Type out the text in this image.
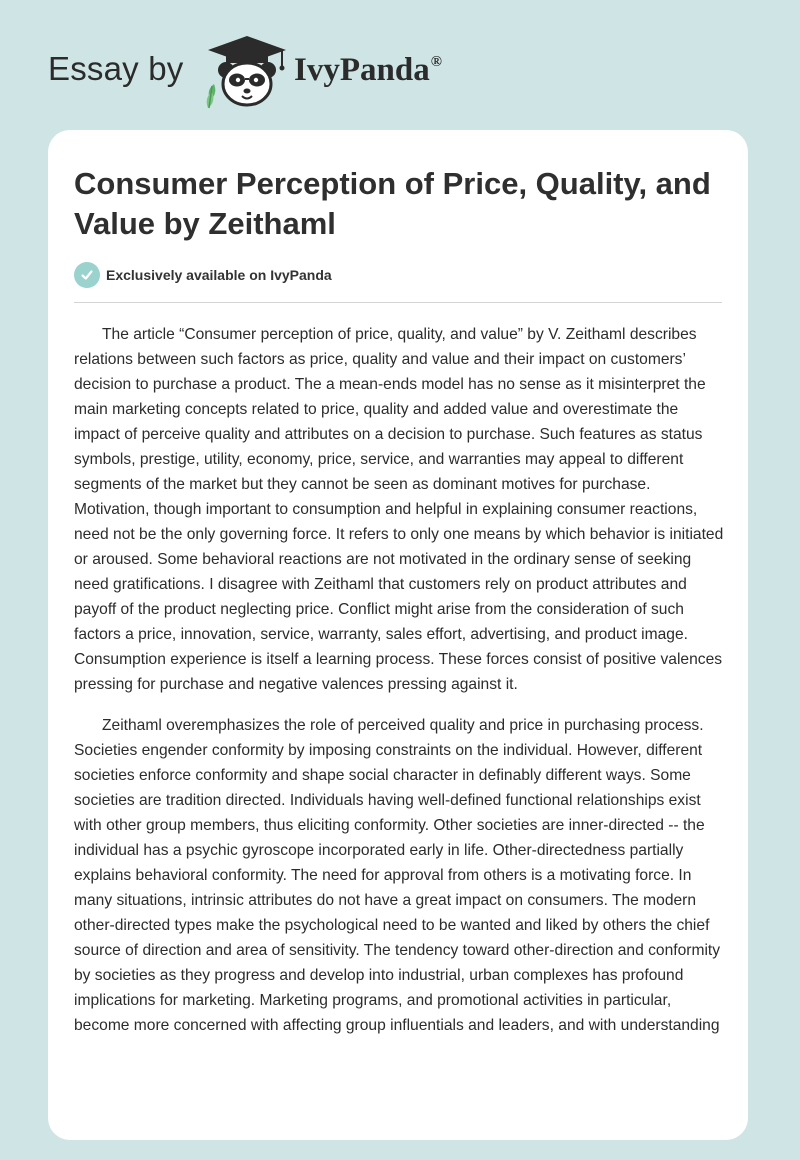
Essay by	IvyPanda®
Consumer Perception of Price, Quality, and Value by Zeithaml
Exclusively available on IvyPanda

The article “Consumer perception of price, quality, and value” by V. Zeithaml describes relations between such factors as price, quality and value and their impact on customers’ decision to purchase a product. The a mean-ends model has no sense as it misinterpret the main marketing concepts related to price, quality and added value and overestimate the impact of perceive quality and attributes on a decision to purchase. Such features as status symbols, prestige, utility, economy, price, service, and warranties may appeal to different segments of the market but they cannot be seen as dominant motives for purchase. Motivation, though important to consumption and helpful in explaining consumer reactions, need not be the only governing force. It refers to only one means by which behavior is initiated or aroused. Some behavioral reactions are not motivated in the ordinary sense of seeking need gratifications. I disagree with Zeithaml that customers rely on product attributes and payoff of the product neglecting price. Conflict might arise from the consideration of such factors a price, innovation, service, warranty, sales effort, advertising, and product image. Consumption experience is itself a learning process. These forces consist of positive valences pressing for purchase and negative valences pressing against it.

Zeithaml overemphasizes the role of perceived quality and price in purchasing process. Societies engender conformity by imposing constraints on the individual. However, different societies enforce conformity and shape social character in definably different ways. Some societies are tradition directed. Individuals having well-defined functional relationships exist with other group members, thus eliciting conformity. Other societies are inner-directed -- the individual has a psychic gyroscope incorporated early in life. Other-directedness partially explains behavioral conformity. The need for approval from others is a motivating force. In many situations, intrinsic attributes do not have a great impact on consumers. The modern other-directed types make the psychological need to be wanted and liked by others the chief source of direction and area of sensitivity. The tendency toward other-direction and conformity by societies as they progress and develop into industrial, urban complexes has profound implications for marketing. Marketing programs, and promotional activities in particular, become more concerned with affecting group influentials and leaders, and with understanding
